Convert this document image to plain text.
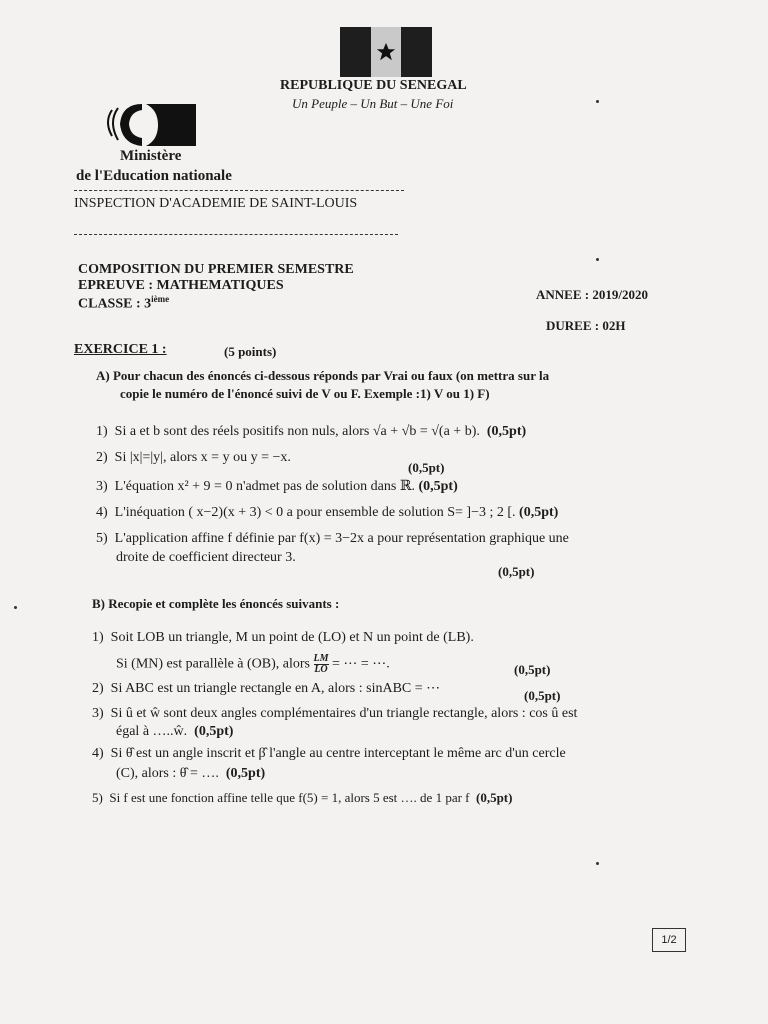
REPUBLIQUE DU SENEGAL
Un Peuple – Un But – Une Foi
Ministère
de l'Education nationale
INSPECTION D'ACADEMIE DE SAINT-LOUIS
COMPOSITION DU PREMIER SEMESTRE
EPREUVE : MATHEMATIQUES
CLASSE : 3ième	ANNEE : 2019/2020
DUREE : 02H
EXERCICE 1 :	(5 points)
A) Pour chacun des énoncés ci-dessous réponds par Vrai ou faux (on mettra sur la
copie le numéro de l'énoncé suivi de V ou F. Exemple :1) V ou 1) F)
1) Si a et b sont des réels positifs non nuls, alors √a + √b = √(a + b). (0,5pt)
2) Si |x|=|y|, alors x = y ou y = −x.
(0,5pt)
3) L'équation x² + 9 = 0 n'admet pas de solution dans ℝ. (0,5pt)
4) L'inéquation ( x−2)(x + 3) < 0 a pour ensemble de solution S= ]−3 ; 2 [. (0,5pt)
5) L'application affine f définie par f(x) = 3−2x a pour représentation graphique une
droite de coefficient directeur 3.
(0,5pt)
B) Recopie et complète les énoncés suivants :
1) Soit LOB un triangle, M un point de (LO) et N un point de (LB).
Si (MN) est parallèle à (OB), alors $\frac{LM}{LO}$ = ⋯ = ⋯.	(0,5pt)
2) Si ABC est un triangle rectangle en A, alors : sinABC = ⋯	(0,5pt)
3) Si û et ŵ sont deux angles complémentaires d'un triangle rectangle, alors : cos û est
égal à …..ŵ. (0,5pt)
4) Si θ̂ est un angle inscrit et β̂ l'angle au centre interceptant le même arc d'un cercle
(C), alors : θ̂ = …. (0,5pt)
5) Si f est une fonction affine telle que f(5) = 1, alors 5 est …. de 1 par f (0,5pt)
1/2
